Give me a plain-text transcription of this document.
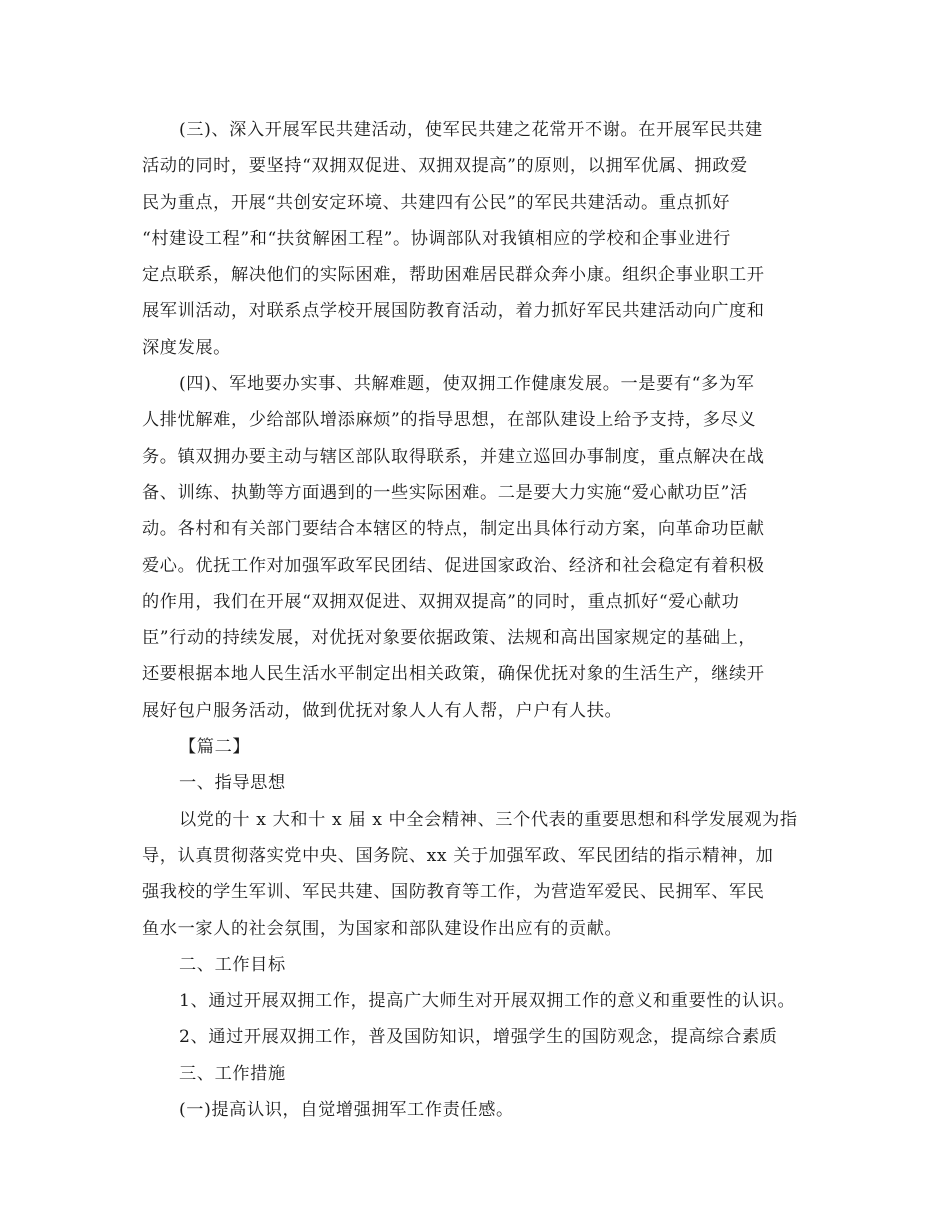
(三)、深入开展军民共建活动，使军民共建之花常开不谢。在开展军民共建
活动的同时，要坚持“双拥双促进、双拥双提高”的原则，以拥军优属、拥政爱
民为重点，开展“共创安定环境、共建四有公民”的军民共建活动。重点抓好
“村建设工程”和“扶贫解困工程”。协调部队对我镇相应的学校和企事业进行
定点联系，解决他们的实际困难，帮助困难居民群众奔小康。组织企事业职工开
展军训活动，对联系点学校开展国防教育活动，着力抓好军民共建活动向广度和
深度发展。
(四)、军地要办实事、共解难题，使双拥工作健康发展。一是要有“多为军
人排忧解难，少给部队增添麻烦”的指导思想，在部队建设上给予支持，多尽义
务。镇双拥办要主动与辖区部队取得联系，并建立巡回办事制度，重点解决在战
备、训练、执勤等方面遇到的一些实际困难。二是要大力实施“爱心献功臣”活
动。各村和有关部门要结合本辖区的特点，制定出具体行动方案，向革命功臣献
爱心。优抚工作对加强军政军民团结、促进国家政治、经济和社会稳定有着积极
的作用，我们在开展“双拥双促进、双拥双提高”的同时，重点抓好“爱心献功
臣”行动的持续发展，对优抚对象要依据政策、法规和高出国家规定的基础上，
还要根据本地人民生活水平制定出相关政策，确保优抚对象的生活生产，继续开
展好包户服务活动，做到优抚对象人人有人帮，户户有人扶。
【篇二】
一、指导思想
以党的十 x 大和十 x 届 x 中全会精神、三个代表的重要思想和科学发展观为指
导，认真贯彻落实党中央、国务院、xx 关于加强军政、军民团结的指示精神，加
强我校的学生军训、军民共建、国防教育等工作，为营造军爱民、民拥军、军民
鱼水一家人的社会氛围，为国家和部队建设作出应有的贡献。
二、工作目标
1、通过开展双拥工作，提高广大师生对开展双拥工作的意义和重要性的认识。
2、通过开展双拥工作，普及国防知识，增强学生的国防观念，提高综合素质
三、工作措施
(一)提高认识，自觉增强拥军工作责任感。
